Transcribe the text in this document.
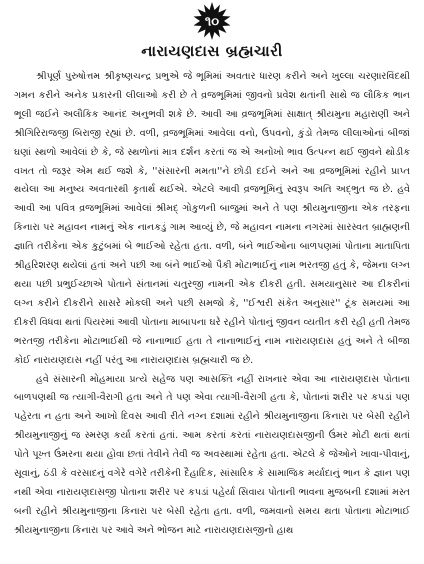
૧૦
નારાયણદાસ બ્રહ્મચારી

શ્રીપૂર્ણ પુરુષોત્તમ શ્રીકૃષ્ણચન્દ્ર પ્રભુએ જે ભૂમિમાં અવતાર ધારણ કરીને અને ખુલ્લા ચરણારવિંદથી ગમન કરીને અનેક પ્રકારની લીલાઓ કરી છે તે વ્રજભૂમિમાં જીવનો પ્રવેશ થતાંની સાથે જ લૌકિક ભાન ભૂલી જઈને અલૌકિક આનંદ અનુભવી શકે છે. આવી આ વ્રજભૂમિમાં સાક્ષાત્ શ્રીયમુના મહારાણી અને શ્રીગિરિરાજજી બિરાજી રહ્યાં છે. વળી, વ્રજભૂમિમાં આવેલા વનો, ઉપવનો, કુંડો તેમજ લીલાઓનાં બીજાં ઘણાં સ્થળો આવેલાં છે કે, જે સ્થળોનાં માત્ર દર્શન કરતાં જ એ અનોખો ભાવ ઉત્પન્ન થઈ જીવને થોડીક વખત તો જરૂર એમ થઈ જશે કે, ''સંસારની મમતા''ને છોડી દઈને અને આ વ્રજભૂમિમાં રહીને પ્રાપ્ત થયેલા આ મનુષ્ય અવતારથી કૃતાર્થ થઈએ. એટલે આવી વ્રજભૂમિનું સ્વરૂપ અતિ અદ્ભુત જ છે. હવે આવી આ પવિત્ર વ્રજભૂમિમાં આવેલાં શ્રીમદ્ ગોકુળની બાજુમાં અને તે પણ શ્રીયમુનાજીના એક તરફના કિનારા પર મહાવન નામનું એક નાનકડું ગામ આવ્યું છે, જે મહાવન નામના નગરમાં સારસ્વત બ્રાહ્મણની જ્ઞાતિ તરીકેના એક કુટુંબમાં બે ભાઈઓ રહેતા હતા. વળી, બંને ભાઈઓના બાળપણમાં પોતાના માતાપિતા શ્રીહરિશરણ થયેલાં હતાં અને પછી આ બંને ભાઈઓ પૈકી મોટાભાઈનું નામ ભરતજી હતું કે, જેમના લગ્ન થયા પછી પ્રભુઈચ્છાએ પોતાને સંતાનમાં ચતુરજી નામની એક દીકરી હતી. સમયાનુસાર આ દીકરીનાં લગ્ન કરીને દીકરીને સાસરે મોકલી અને પછી સમજો કે, ''ઈશ્વરી સંકેત અનુસાર'' ટૂંક સમયમાં આ દીકરી વિધવા થતાં પિયરમાં આવી પોતાના માબાપના ઘરે રહીને પોતાનું જીવન વ્યતીત કરી રહી હતી તેમજ ભરતજી તરીકેના મોટાભાઈથી જે નાનાભાઈ હતા તે નાનાભાઈનું નામ નારાયણદાસ હતું અને તે બીજા કોઈ નારાયણદાસ નહીં પરંતુ આ નારાયણદાસ બ્રહ્મચારી જ છે.

હવે સંસારની મોહમાયા પ્રત્યે સહેજ પણ આસક્તિ નહીં રાખનાર એવા આ નારાયણદાસ પોતાના બાળપણથી જ ત્યાગી-વૈરાગી હતા અને તે પણ એવા ત્યાગી-વૈરાગી હતા કે, પોતાનાં શરીર પર કપડાં પણ પહેરતા ન હતા અને આખો દિવસ આવી રીતે નગ્ન દશામાં રહીને શ્રીયમુનાજીના કિનારા પર બેસી રહીને શ્રીયમુનાજીનું જ સ્મરણ કર્યા કરતાં હતાં. આમ કરતાં કરતાં નારાયણદાસજીની ઉંમર મોટી થતાં થતાં પોતે પૂખ્ત ઉંમરના થયા હોવા છતાં તેવીને તેવી જ અવસ્થામાં રહેતા હતા. એટલે કે જેઓને ખાવા-પીવાનું, સૂવાનું, ઠંડી કે વરસાદનું વગેરે વગેરે તરીકેની દૈહાદિક, સાંસારિક કે સામાજિક મર્યાદાનું ભાન કે જ્ઞાન પણ નથી એવા નારાયણદાસજી પોતાના શરીર પર કપડાં પહેર્યા સિવાય પોતાની ભાવના મુજબની દશામાં મસ્ત બની રહીને શ્રીયમુનાજીના કિનારા પર બેસી રહેતા હતા. વળી, જમવાનો સમય થતા પોતાના મોટાભાઈ શ્રીયમુનાજીના કિનારા પર આવે અને ભોજન માટે નારાયણદાસજીનો હાથ
